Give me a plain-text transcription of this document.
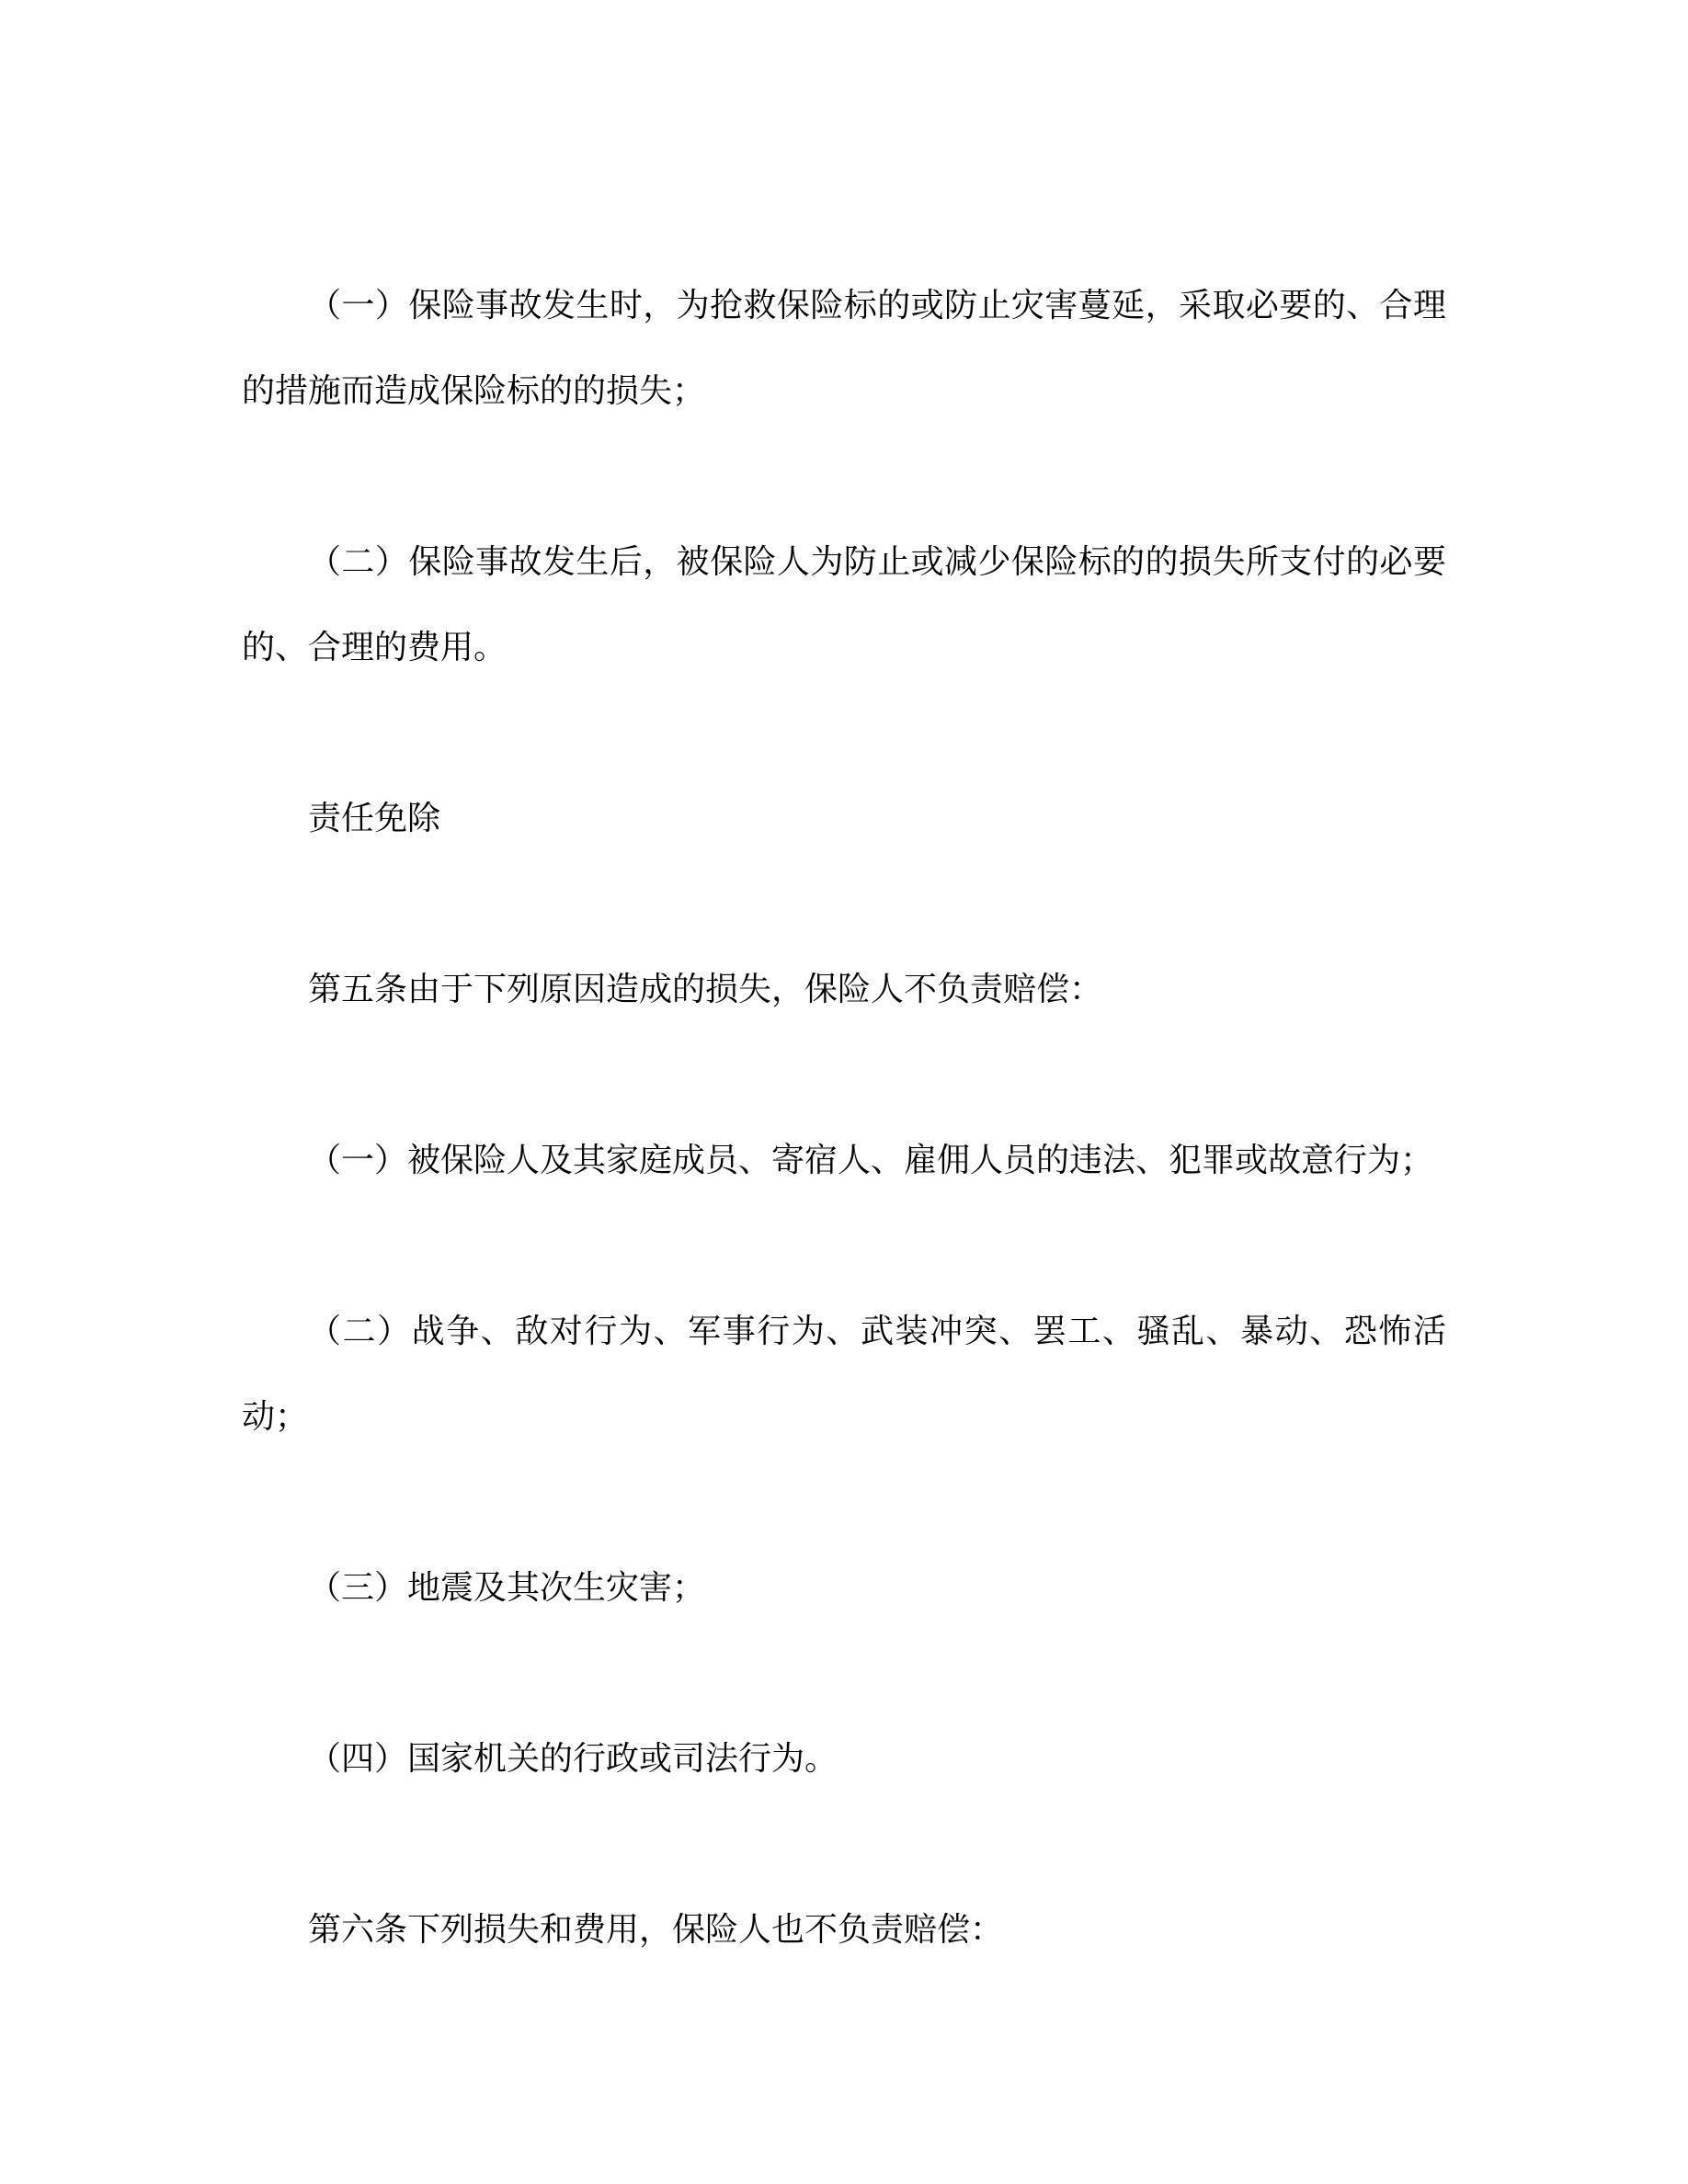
（一）保险事故发生时，为抢救保险标的或防止灾害蔓延，采取必要的、合理的措施而造成保险标的的损失；

（二）保险事故发生后，被保险人为防止或减少保险标的的损失所支付的必要的、合理的费用。

责任免除

第五条由于下列原因造成的损失，保险人不负责赔偿：

（一）被保险人及其家庭成员、寄宿人、雇佣人员的违法、犯罪或故意行为；

（二）战争、敌对行为、军事行为、武装冲突、罢工、骚乱、暴动、恐怖活动；

（三）地震及其次生灾害；

（四）国家机关的行政或司法行为。

第六条下列损失和费用，保险人也不负责赔偿：
